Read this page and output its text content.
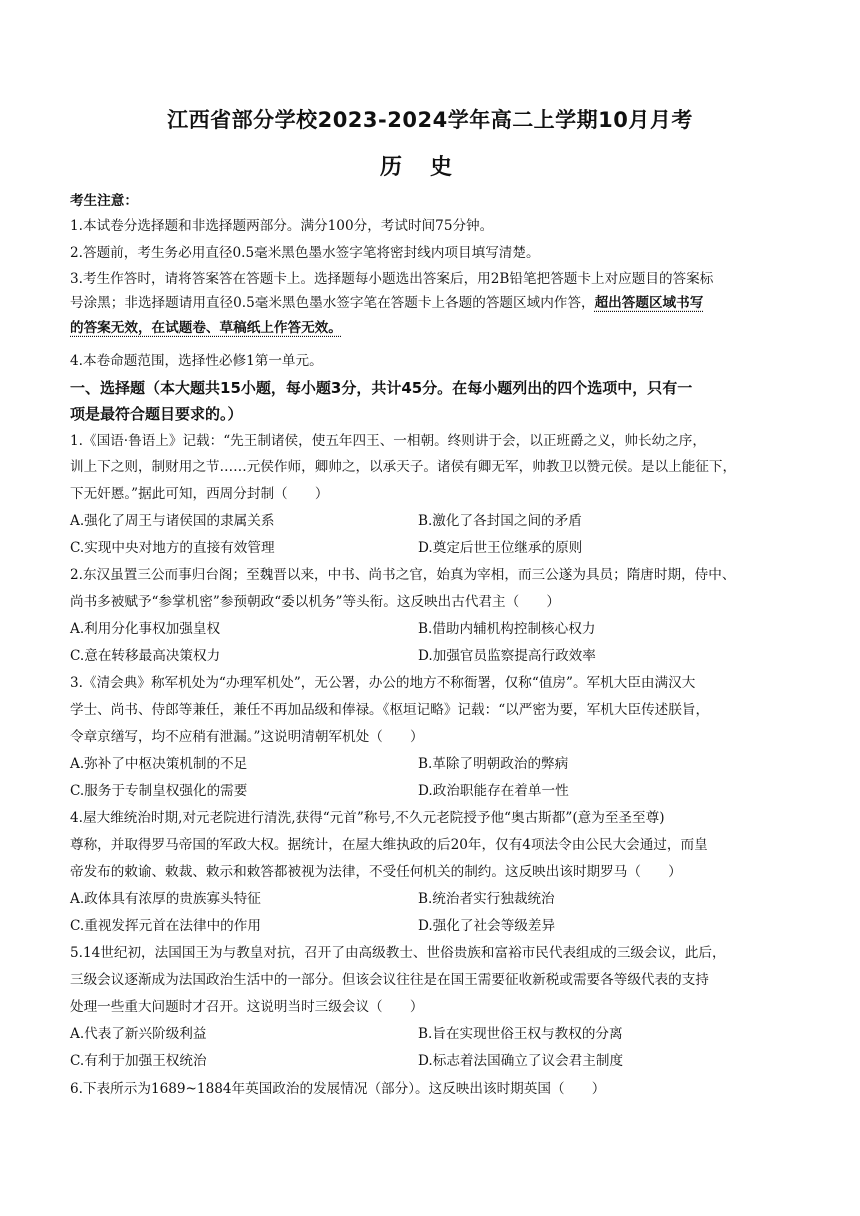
江西省部分学校2023-2024学年高二上学期10月月考
历史
考生注意：
1.本试卷分选择题和非选择题两部分。满分100分，考试时间75分钟。
2.答题前，考生务必用直径0.5毫米黑色墨水签字笔将密封线内项目填写清楚。
3.考生作答时，请将答案答在答题卡上。选择题每小题选出答案后，用2B铅笔把答题卡上对应题目的答案标
号涂黑；非选择题请用直径0.5毫米黑色墨水签字笔在答题卡上各题的答题区域内作答，超出答题区域书写
的答案无效，在试题卷、草稿纸上作答无效。
4.本卷命题范围，选择性必修1第一单元。
一、选择题（本大题共15小题，每小题3分，共计45分。在每小题列出的四个选项中，只有一
项是最符合题目要求的。）
1.《国语·鲁语上》记载：“先王制诸侯，使五年四王、一相朝。终则讲于会，以正班爵之义，帅长幼之序，
训上下之则，制财用之节……元侯作师，卿帅之，以承天子。诸侯有卿无军，帅教卫以赞元侯。是以上能征下，
下无奸慝。”据此可知，西周分封制（　　）
A.强化了周王与诸侯国的隶属关系	B.激化了各封国之间的矛盾
C.实现中央对地方的直接有效管理	D.奠定后世王位继承的原则
2.东汉虽置三公而事归台阁；至魏晋以来，中书、尚书之官，始真为宰相，而三公遂为具员；隋唐时期，侍中、
尚书多被赋予“参掌机密”参预朝政“委以机务”等头衔。这反映出古代君主（　　）
A.利用分化事权加强皇权	B.借助内辅机构控制核心权力
C.意在转移最高决策权力	D.加强官员监察提高行政效率
3.《清会典》称军机处为“办理军机处”，无公署，办公的地方不称衙署，仅称“值房”。军机大臣由满汉大
学士、尚书、侍郎等兼任，兼任不再加品级和俸禄。《枢垣记略》记载：“以严密为要，军机大臣传述朕旨，
令章京缮写，均不应稍有泄漏。”这说明清朝军机处（　　）
A.弥补了中枢决策机制的不足	B.革除了明朝政治的弊病
C.服务于专制皇权强化的需要	D.政治职能存在着单一性
4.屋大维统治时期,对元老院进行清洗,获得“元首”称号,不久元老院授予他“奥古斯都”(意为至圣至尊)
尊称，并取得罗马帝国的军政大权。据统计，在屋大维执政的后20年，仅有4项法令由公民大会通过，而皇
帝发布的敕谕、敕裁、敕示和敕答都被视为法律，不受任何机关的制约。这反映出该时期罗马（　　）
A.政体具有浓厚的贵族寡头特征	B.统治者实行独裁统治
C.重视发挥元首在法律中的作用	D.强化了社会等级差异
5.14世纪初，法国国王为与教皇对抗，召开了由高级教士、世俗贵族和富裕市民代表组成的三级会议，此后，
三级会议逐渐成为法国政治生活中的一部分。但该会议往往是在国王需要征收新税或需要各等级代表的支持
处理一些重大问题时才召开。这说明当时三级会议（　　）
A.代表了新兴阶级利益	B.旨在实现世俗王权与教权的分离
C.有利于加强王权统治	D.标志着法国确立了议会君主制度
6.下表所示为1689~1884年英国政治的发展情况（部分）。这反映出该时期英国（　　）
